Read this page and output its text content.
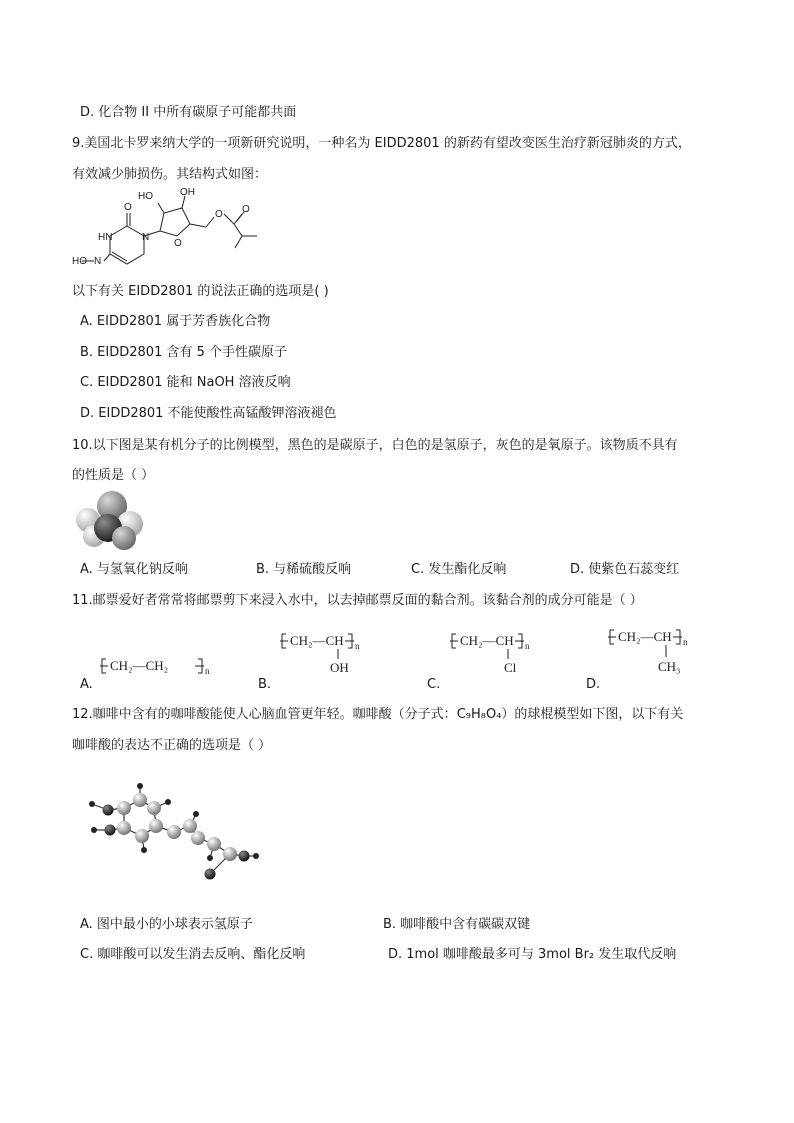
D. 化合物 II 中所有碳原子可能都共面
9.美国北卡罗来纳大学的一项新研究说明，一种名为 EIDD2801 的新药有望改变医生治疗新冠肺炎的方式，
有效减少肺损伤。其结构式如图：
HO	OH
O
HN	N
O
O O
HO N
以下有关 EIDD2801 的说法正确的选项是( )
A. EIDD2801 属于芳香族化合物
B. EIDD2801 含有 5 个手性碳原子
C. EIDD2801 能和 NaOH 溶液反响
D. EIDD2801 不能使酸性高锰酸钾溶液褪色
10.以下图是某有机分子的比例模型，黑色的是碳原子，白色的是氢原子，灰色的是氧原子。该物质不具有
的性质是（ ）
A. 与氢氧化钠反响	B. 与稀硫酸反响	C. 发生酯化反响	D. 使紫色石蕊变红
11.邮票爱好者常常将邮票剪下来浸入水中，以去掉邮票反面的黏合剂。该黏合剂的成分可能是（ ）
A.
CH₂—CH₂	n
B.
CH₂—CH n
OH
C.
CH₂—CH n
Cl
D.
CH₂—CH n
CH₃
12.咖啡中含有的咖啡酸能使人心脑血管更年轻。咖啡酸（分子式：C₉H₈O₄）的球棍模型如下图，以下有关
咖啡酸的表达不正确的选项是（ ）
A. 图中最小的小球表示氢原子	B. 咖啡酸中含有碳碳双键
C. 咖啡酸可以发生消去反响、酯化反响	D. 1mol 咖啡酸最多可与 3mol Br₂ 发生取代反响
